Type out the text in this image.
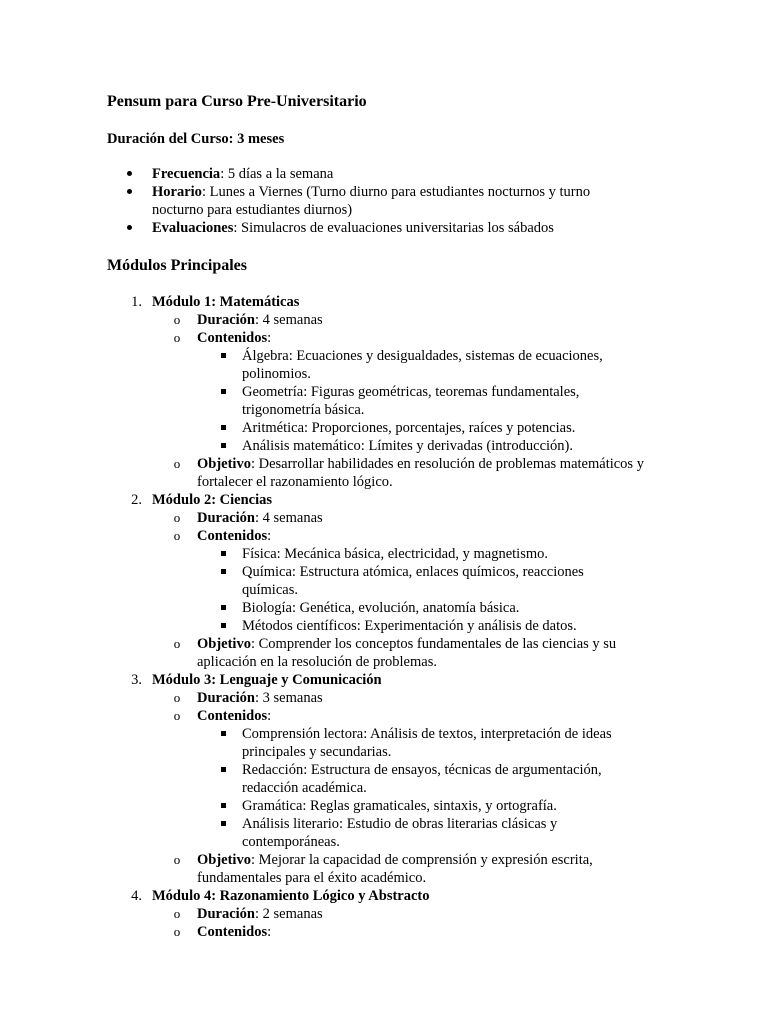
Pensum para Curso Pre-Universitario
Duración del Curso: 3 meses
Frecuencia: 5 días a la semana
Horario: Lunes a Viernes (Turno diurno para estudiantes nocturnos y turno nocturno para estudiantes diurnos)
Evaluaciones: Simulacros de evaluaciones universitarias los sábados
Módulos Principales
1. Módulo 1: Matemáticas
o Duración: 4 semanas
o Contenidos:
Álgebra: Ecuaciones y desigualdades, sistemas de ecuaciones, polinomios.
Geometría: Figuras geométricas, teoremas fundamentales, trigonometría básica.
Aritmética: Proporciones, porcentajes, raíces y potencias.
Análisis matemático: Límites y derivadas (introducción).
o Objetivo: Desarrollar habilidades en resolución de problemas matemáticos y fortalecer el razonamiento lógico.
2. Módulo 2: Ciencias
o Duración: 4 semanas
o Contenidos:
Física: Mecánica básica, electricidad, y magnetismo.
Química: Estructura atómica, enlaces químicos, reacciones químicas.
Biología: Genética, evolución, anatomía básica.
Métodos científicos: Experimentación y análisis de datos.
o Objetivo: Comprender los conceptos fundamentales de las ciencias y su aplicación en la resolución de problemas.
3. Módulo 3: Lenguaje y Comunicación
o Duración: 3 semanas
o Contenidos:
Comprensión lectora: Análisis de textos, interpretación de ideas principales y secundarias.
Redacción: Estructura de ensayos, técnicas de argumentación, redacción académica.
Gramática: Reglas gramaticales, sintaxis, y ortografía.
Análisis literario: Estudio de obras literarias clásicas y contemporáneas.
o Objetivo: Mejorar la capacidad de comprensión y expresión escrita, fundamentales para el éxito académico.
4. Módulo 4: Razonamiento Lógico y Abstracto
o Duración: 2 semanas
o Contenidos:
